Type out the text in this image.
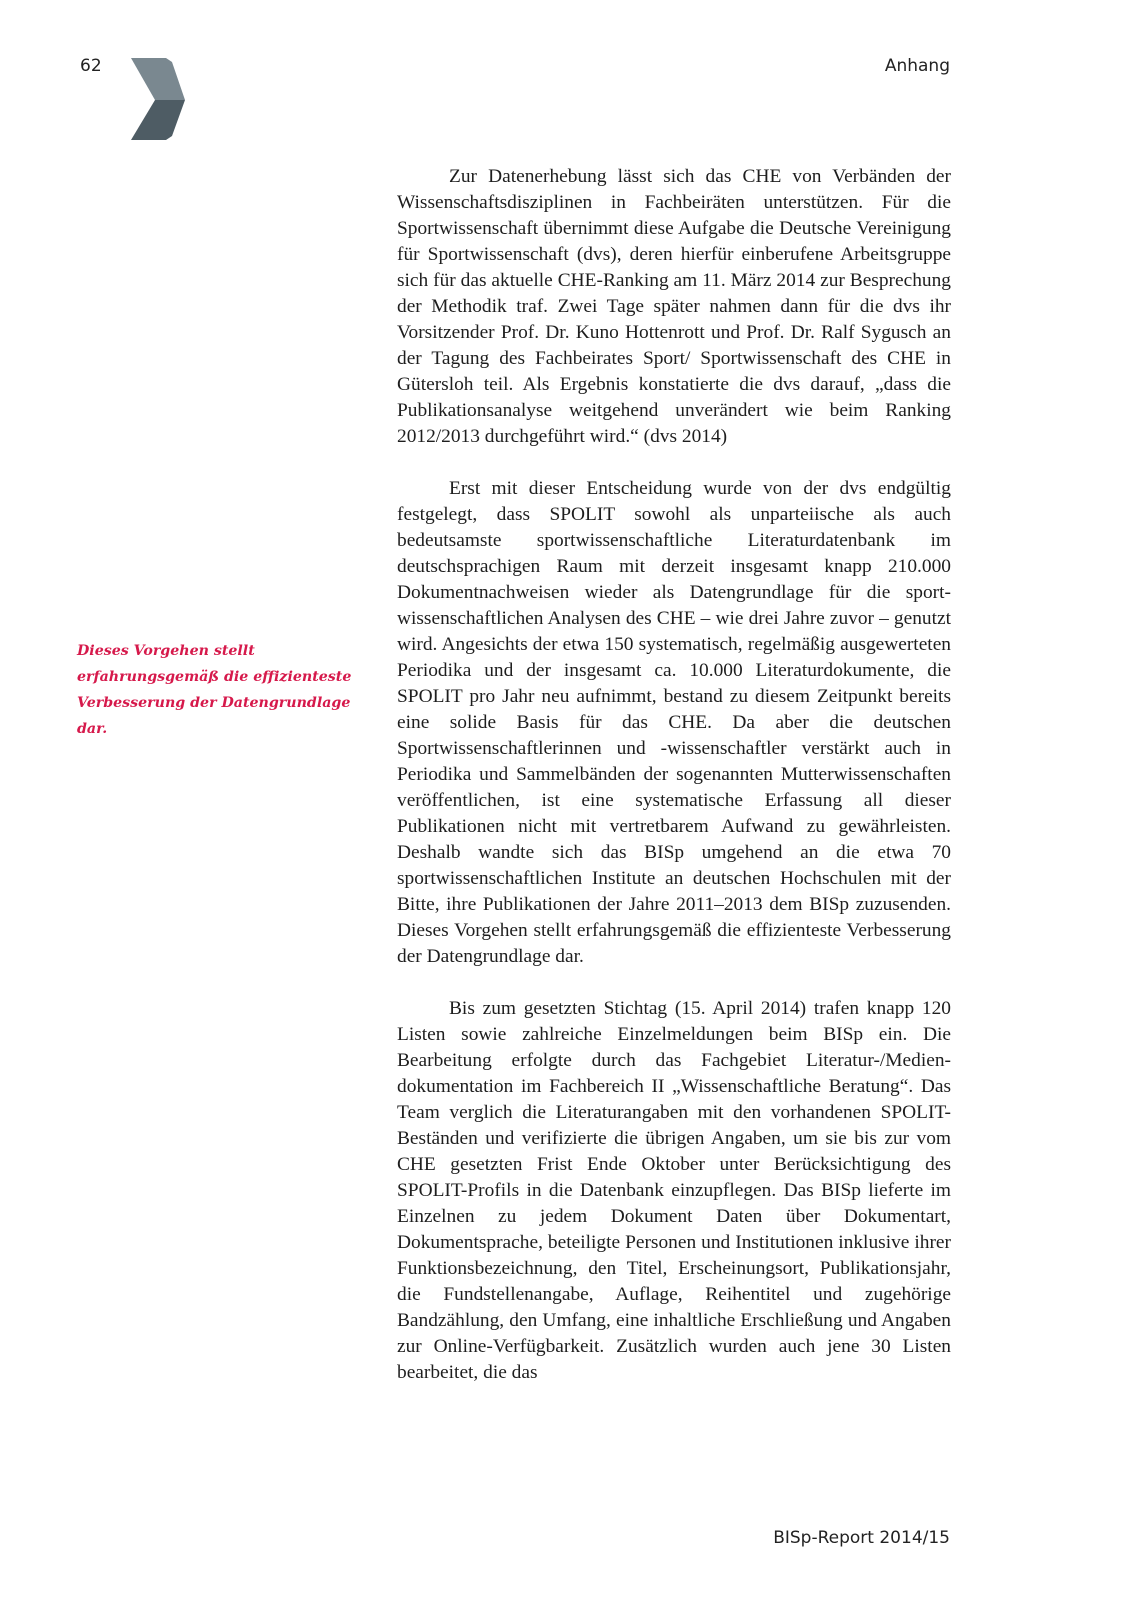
62	Anhang
Dieses Vorgehen stellt erfahrungsgemäß die effizienteste Verbesserung der Datengrundlage dar.

Zur Datenerhebung lässt sich das CHE von Verbänden der Wissenschaftsdisziplinen in Fachbeiräten unterstützen. Für die Sportwissenschaft übernimmt diese Aufgabe die Deutsche Vereinigung für Sportwissenschaft (dvs), deren hierfür einberufene Arbeitsgruppe sich für das aktuelle CHE-Ranking am 11. März 2014 zur Besprechung der Methodik traf. Zwei Tage später nahmen dann für die dvs ihr Vorsitzender Prof. Dr. Kuno Hottenrott und Prof. Dr. Ralf Sygusch an der Tagung des Fachbeirates Sport/ Sportwissenschaft des CHE in Gütersloh teil. Als Ergebnis konstatierte die dvs darauf, „dass die Publikationsanalyse weitgehend unverändert wie beim Ranking 2012/2013 durchgeführt wird.“ (dvs 2014)

Erst mit dieser Entscheidung wurde von der dvs endgültig festgelegt, dass SPOLIT sowohl als unparteiische als auch bedeutsamste sportwissenschaftliche Literaturdatenbank im deutschsprachigen Raum mit derzeit insgesamt knapp 210.000 Dokumentnachweisen wieder als Datengrundlage für die sportwissenschaftlichen Analysen des CHE – wie drei Jahre zuvor – genutzt wird. Angesichts der etwa 150 systematisch, regelmäßig ausgewerteten Periodika und der insgesamt ca. 10.000 Literaturdokumente, die SPOLIT pro Jahr neu aufnimmt, bestand zu diesem Zeitpunkt bereits eine solide Basis für das CHE. Da aber die deutschen Sportwissenschaftlerinnen und -wissenschaftler verstärkt auch in Periodika und Sammelbänden der sogenannten Mutterwissenschaften veröffentlichen, ist eine systematische Erfassung all dieser Publikationen nicht mit vertretbarem Aufwand zu gewährleisten. Deshalb wandte sich das BISp umgehend an die etwa 70 sportwissenschaftlichen Institute an deutschen Hochschulen mit der Bitte, ihre Publikationen der Jahre 2011–2013 dem BISp zuzusenden. Dieses Vorgehen stellt erfahrungsgemäß die effizienteste Verbesserung der Datengrundlage dar.

Bis zum gesetzten Stichtag (15. April 2014) trafen knapp 120 Listen sowie zahlreiche Einzelmeldungen beim BISp ein. Die Bearbeitung erfolgte durch das Fachgebiet Literatur-/Mediendokumentation im Fachbereich II „Wissenschaftliche Beratung“. Das Team verglich die Literaturangaben mit den vorhandenen SPOLIT-Beständen und verifizierte die übrigen Angaben, um sie bis zur vom CHE gesetzten Frist Ende Oktober unter Berücksichtigung des SPOLIT-Profils in die Datenbank einzupflegen. Das BISp lieferte im Einzelnen zu jedem Dokument Daten über Dokumentart, Dokumentsprache, beteiligte Personen und Institutionen inklusive ihrer Funktionsbezeichnung, den Titel, Erscheinungsort, Publikationsjahr, die Fundstellenangabe, Auflage, Reihentitel und zugehörige Bandzählung, den Umfang, eine inhaltliche Erschließung und Angaben zur Online-Verfügbarkeit. Zusätzlich wurden auch jene 30 Listen bearbeitet, die das

BISp-Report 2014/15
